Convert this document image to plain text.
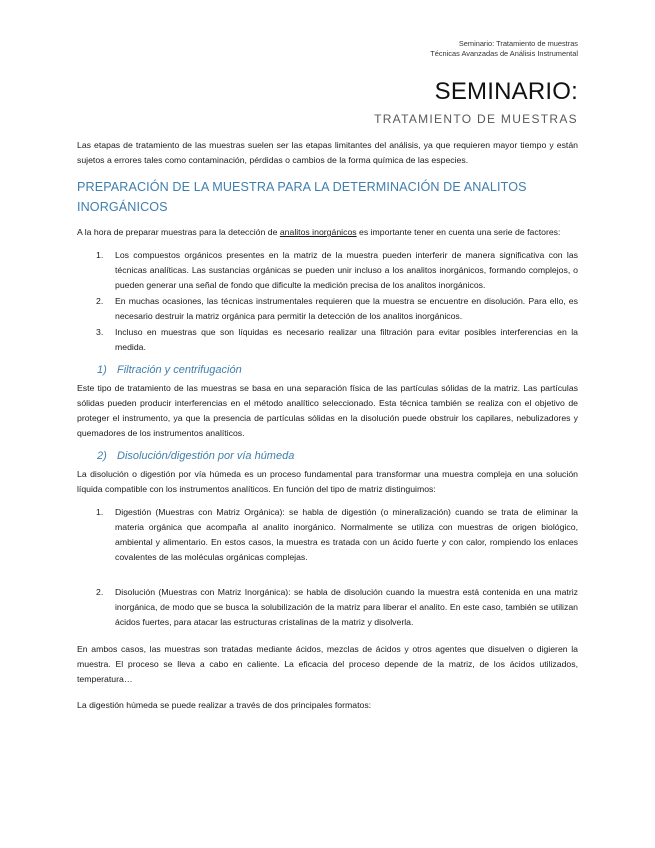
Seminario: Tratamiento de muestras
Técnicas Avanzadas de Análisis Instrumental
SEMINARIO:
TRATAMIENTO DE MUESTRAS

Las etapas de tratamiento de las muestras suelen ser las etapas limitantes del análisis, ya que requieren mayor tiempo y están sujetos a errores tales como contaminación, pérdidas o cambios de la forma química de las especies.

PREPARACIÓN DE LA MUESTRA PARA LA DETERMINACIÓN DE ANALITOS INORGÁNICOS

A la hora de preparar muestras para la detección de analitos inorgánicos es importante tener en cuenta una serie de factores:

1. Los compuestos orgánicos presentes en la matriz de la muestra pueden interferir de manera significativa con las técnicas analíticas. Las sustancias orgánicas se pueden unir incluso a los analitos inorgánicos, formando complejos, o pueden generar una señal de fondo que dificulte la medición precisa de los analitos inorgánicos.
2. En muchas ocasiones, las técnicas instrumentales requieren que la muestra se encuentre en disolución. Para ello, es necesario destruir la matriz orgánica para permitir la detección de los analitos inorgánicos.
3. Incluso en muestras que son líquidas es necesario realizar una filtración para evitar posibles interferencias en la medida.
1) Filtración y centrifugación

Este tipo de tratamiento de las muestras se basa en una separación física de las partículas sólidas de la matriz. Las partículas sólidas pueden producir interferencias en el método analítico seleccionado. Esta técnica también se realiza con el objetivo de proteger el instrumento, ya que la presencia de partículas sólidas en la disolución puede obstruir los capilares, nebulizadores y quemadores de los instrumentos analíticos.

2) Disolución/digestión por vía húmeda

La disolución o digestión por vía húmeda es un proceso fundamental para transformar una muestra compleja en una solución líquida compatible con los instrumentos analíticos. En función del tipo de matriz distinguimos:

1. Digestión (Muestras con Matriz Orgánica): se habla de digestión (o mineralización) cuando se trata de eliminar la materia orgánica que acompaña al analito inorgánico. Normalmente se utiliza con muestras de origen biológico, ambiental y alimentario. En estos casos, la muestra es tratada con un ácido fuerte y con calor, rompiendo los enlaces covalentes de las moléculas orgánicas complejas.
2. Disolución (Muestras con Matriz Inorgánica): se habla de disolución cuando la muestra está contenida en una matriz inorgánica, de modo que se busca la solubilización de la matriz para liberar el analito. En este caso, también se utilizan ácidos fuertes, para atacar las estructuras cristalinas de la matriz y disolverla.

En ambos casos, las muestras son tratadas mediante ácidos, mezclas de ácidos y otros agentes que disuelven o digieren la muestra. El proceso se lleva a cabo en caliente. La eficacia del proceso depende de la matriz, de los ácidos utilizados, temperatura…

La digestión húmeda se puede realizar a través de dos principales formatos:
